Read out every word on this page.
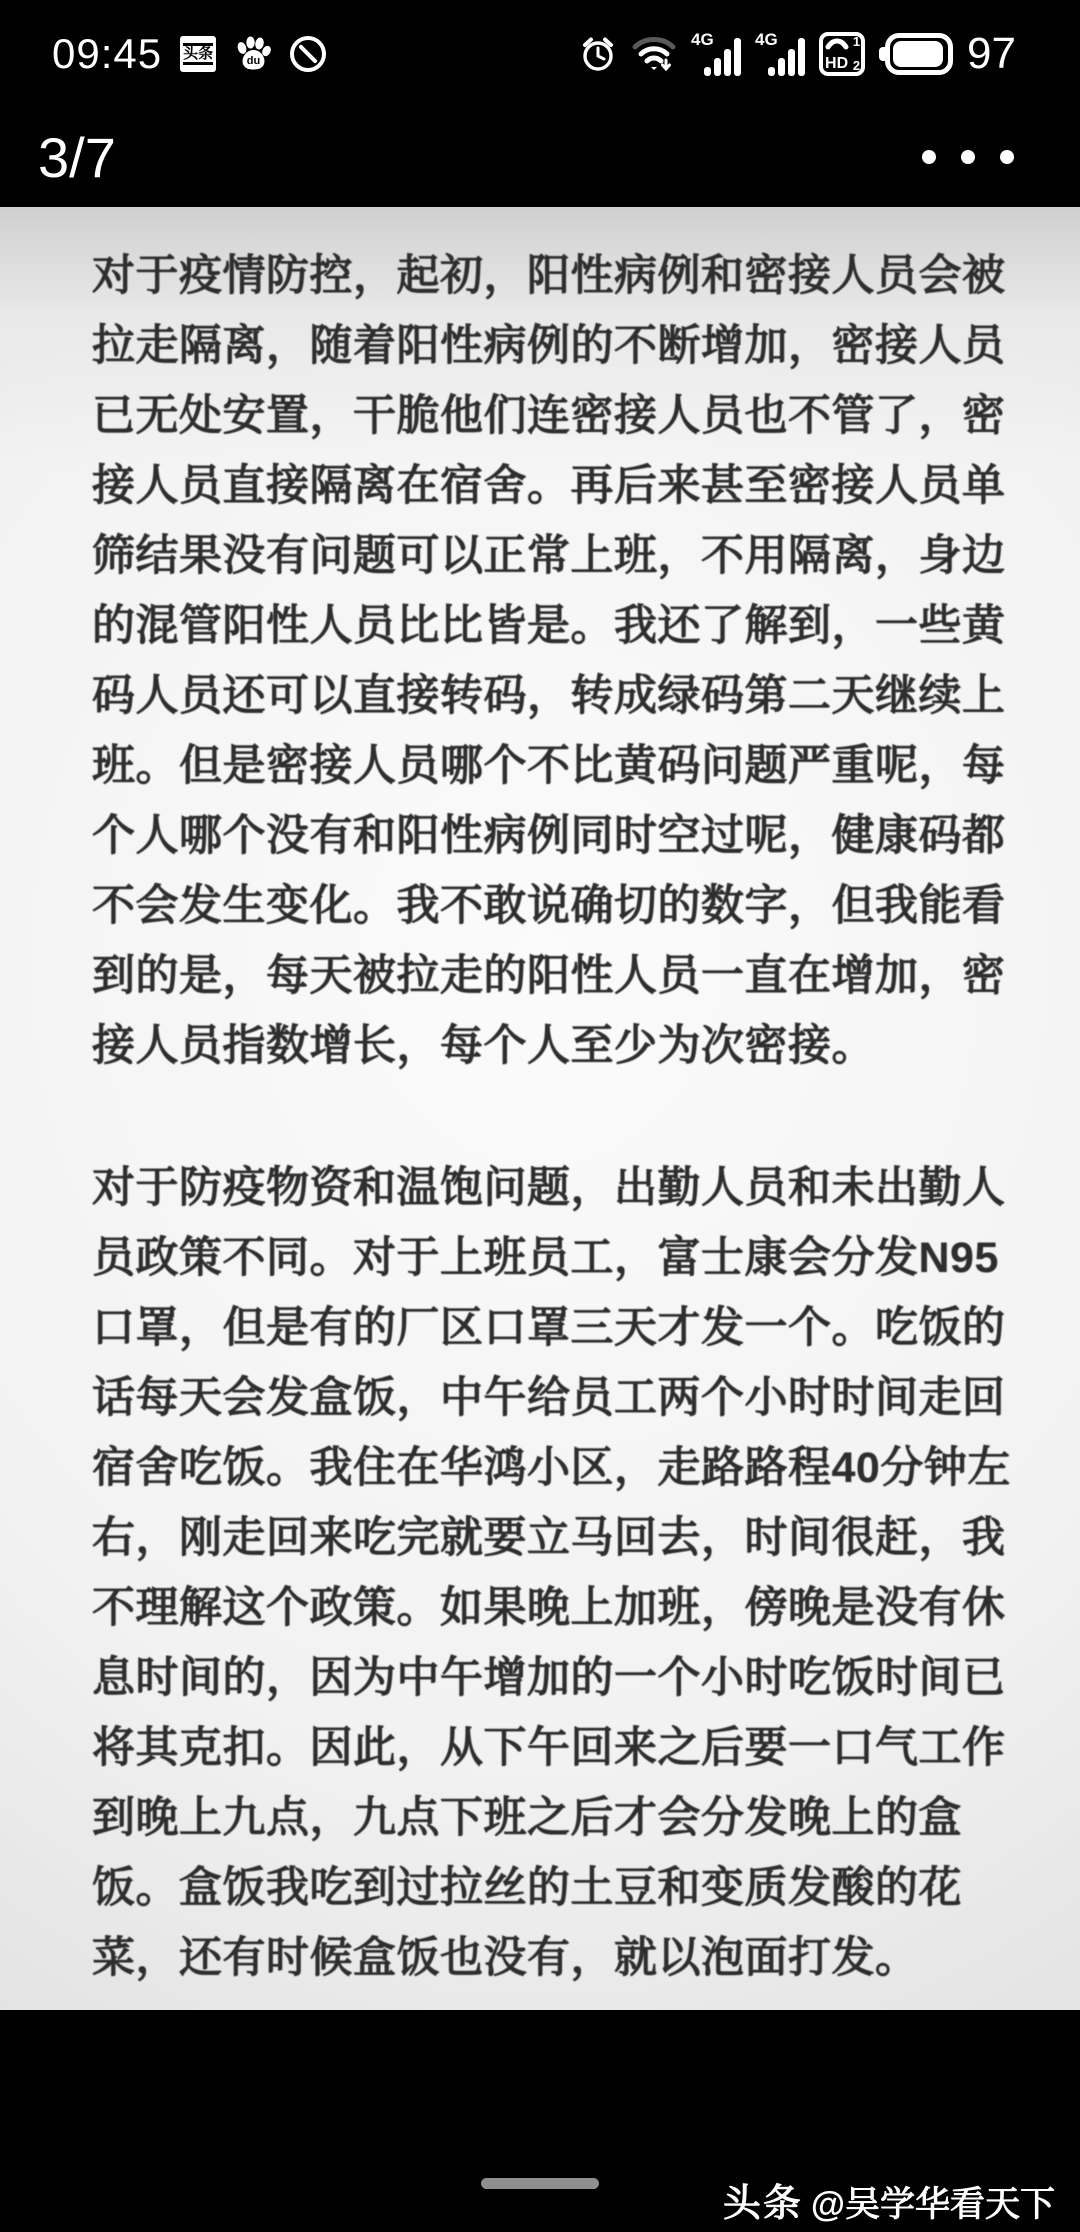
09:45 头条	du
4G 4G
HD
1
2 97
3/7
对于疫情防控，起初，阳性病例和密接人员会被
拉走隔离，随着阳性病例的不断增加，密接人员
已无处安置，干脆他们连密接人员也不管了，密
接人员直接隔离在宿舍。再后来甚至密接人员单
筛结果没有问题可以正常上班，不用隔离，身边
的混管阳性人员比比皆是。我还了解到，一些黄
码人员还可以直接转码，转成绿码第二天继续上
班。但是密接人员哪个不比黄码问题严重呢，每
个人哪个没有和阳性病例同时空过呢，健康码都
不会发生变化。我不敢说确切的数字，但我能看
到的是，每天被拉走的阳性人员一直在增加，密
接人员指数增长，每个人至少为次密接。
对于防疫物资和温饱问题，出勤人员和未出勤人
员政策不同。对于上班员工，富士康会分发N95
口罩，但是有的厂区口罩三天才发一个。吃饭的
话每天会发盒饭，中午给员工两个小时时间走回
宿舍吃饭。我住在华鸿小区，走路路程40分钟左
右，刚走回来吃完就要立马回去，时间很赶，我
不理解这个政策。如果晚上加班，傍晚是没有休
息时间的，因为中午增加的一个小时吃饭时间已
将其克扣。因此，从下午回来之后要一口气工作
到晚上九点，九点下班之后才会分发晚上的盒
饭。盒饭我吃到过拉丝的土豆和变质发酸的花
菜，还有时候盒饭也没有，就以泡面打发。
头条 @吴学华看天下
